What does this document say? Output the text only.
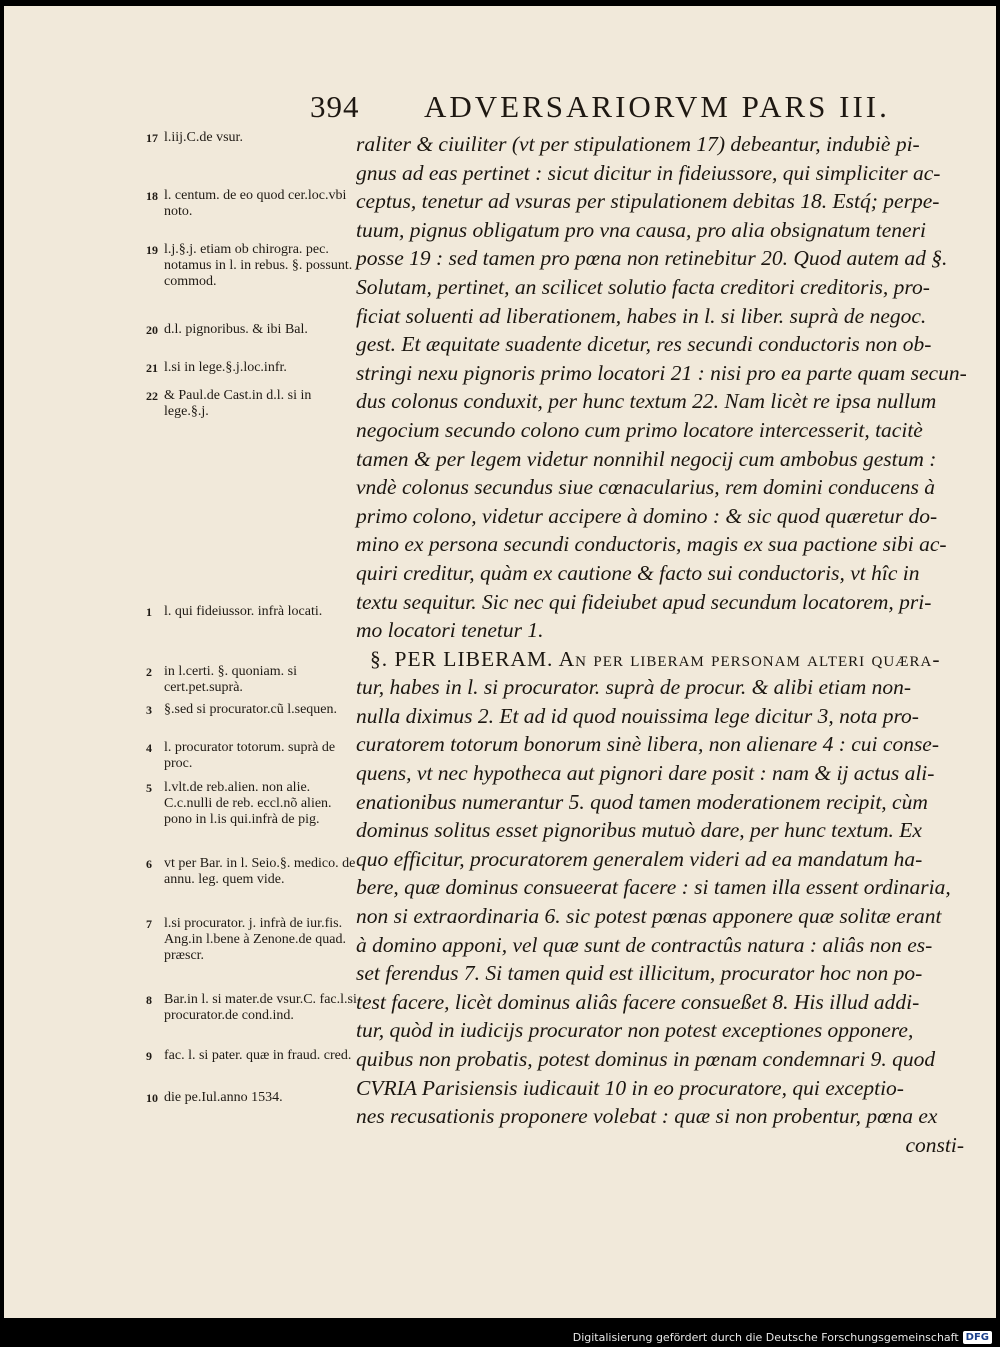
394 ADVERSARIORVM PARS III.
17 l.iij.C.de vsur.
18 l. centum. de eo quod cer.loc.vbi noto.
19 l.j.§.j. etiam ob chirogra. pec. notamus in l. in rebus. §. possunt. commod.
20 d.l. pignoribus. & ibi Bal.
21 l.si in lege.§.j.loc.infr.
22 & Paul.de Cast.in d.l. si in lege.§.j.
1 l. qui fideiussor. infrà locati.
2 in l.certi. §. quoniam. si cert.pet.suprà.
3 §.sed si procurator.cũ l.sequen.
4 l. procurator totorum. suprà de proc.
5 l.vlt.de reb.alien. non alie. C.c.nulli de reb. eccl.nõ alien. pono in l.is qui.infrà de pig.
6 vt per Bar. in l. Seio.§. medico. de annu. leg. quem vide.
7 l.si procurator. j. infrà de iur.fis. Ang.in l.bene à Zenone.de quad. præscr.
8 Bar.in l. si mater.de vsur.C. fac.l.si procurator.de cond.ind.
9 fac. l. si pater. quæ in fraud. cred.
10 die pe.Iul.anno 1534.
raliter & ciuiliter (vt per stipulationem 17) debeantur, indubiè pi-
gnus ad eas pertinet : sicut dicitur in fideiussore, qui simpliciter ac-
ceptus, tenetur ad vsuras per stipulationem debitas 18. Estq́; perpe-
tuum, pignus obligatum pro vna causa, pro alia obsignatum teneri
posse 19 : sed tamen pro pœna non retinebitur 20. Quod autem ad §.
Solutam, pertinet, an scilicet solutio facta creditori creditoris, pro-
ficiat soluenti ad liberationem, habes in l. si liber. suprà de negoc.
gest. Et æquitate suadente dicetur, res secundi conductoris non ob-
stringi nexu pignoris primo locatori 21 : nisi pro ea parte quam secun-
dus colonus conduxit, per hunc textum 22. Nam licèt re ipsa nullum
negocium secundo colono cum primo locatore intercesserit, tacitè
tamen & per legem videtur nonnihil negocij cum ambobus gestum :
vndè colonus secundus siue cœnacularius, rem domini conducens à
primo colono, videtur accipere à domino : & sic quod quæretur do-
mino ex persona secundi conductoris, magis ex sua pactione sibi ac-
quiri creditur, quàm ex cautione & facto sui conductoris, vt hîc in
textu sequitur. Sic nec qui fideiubet apud secundum locatorem, pri-
mo locatori tenetur 1.
§. PER LIBERAM. An per liberam personam alteri quæra-
tur, habes in l. si procurator. suprà de procur. & alibi etiam non-
nulla diximus 2. Et ad id quod nouissima lege dicitur 3, nota pro-
curatorem totorum bonorum sinè libera, non alienare 4 : cui conse-
quens, vt nec hypotheca aut pignori dare posit : nam & ij actus ali-
enationibus numerantur 5. quod tamen moderationem recipit, cùm
dominus solitus esset pignoribus mutuò dare, per hunc textum. Ex
quo efficitur, procuratorem generalem videri ad ea mandatum ha-
bere, quæ dominus consueerat facere : si tamen illa essent ordinaria,
non si extraordinaria 6. sic potest pœnas apponere quæ solitæ erant
à domino apponi, vel quæ sunt de contractûs natura : aliâs non es-
set ferendus 7. Si tamen quid est illicitum, procurator hoc non po-
test facere, licèt dominus aliâs facere consueßet 8. His illud addi-
tur, quòd in iudicijs procurator non potest exceptiones opponere,
quibus non probatis, potest dominus in pœnam condemnari 9. quod
CVRIA Parisiensis iudicauit 10 in eo procuratore, qui exceptio-
nes recusationis proponere volebat : quæ si non probentur, pœna ex
consti-
Digitalisierung gefördert durch die Deutsche Forschungsgemeinschaft DFG
